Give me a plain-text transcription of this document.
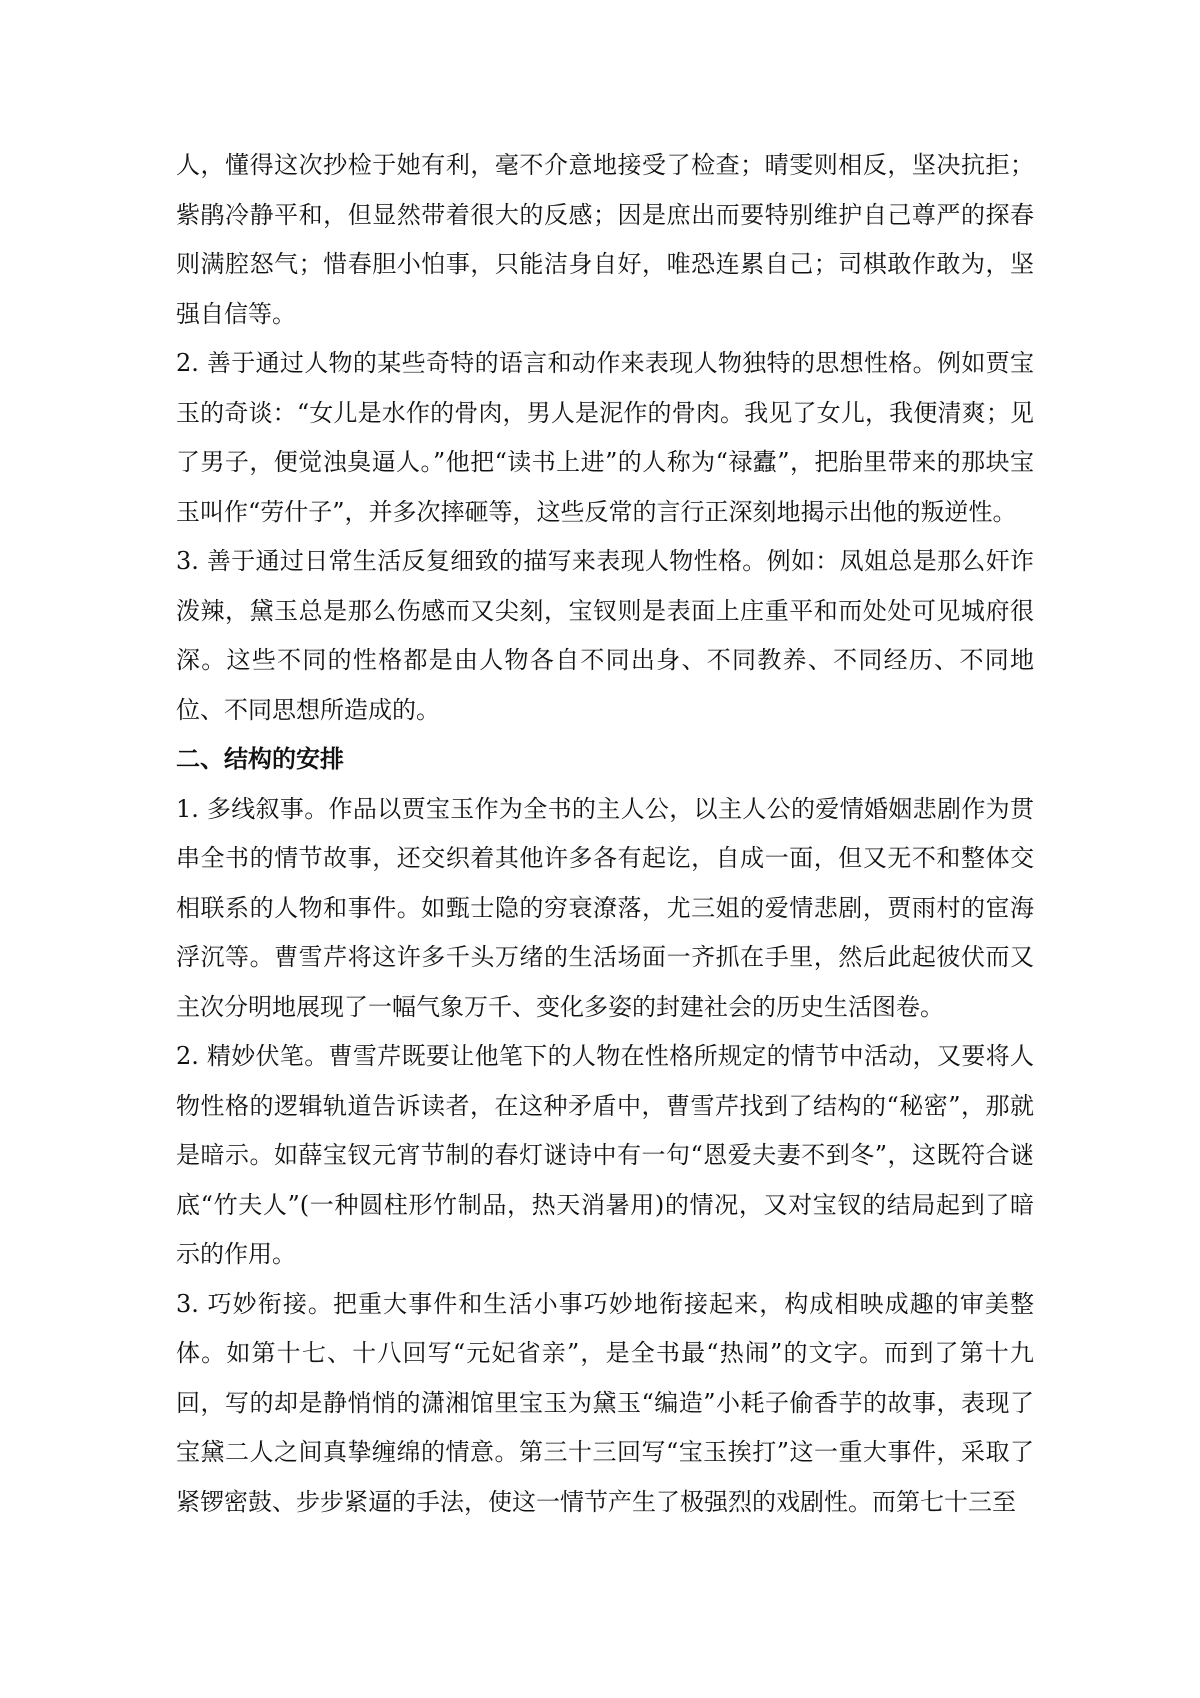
人，懂得这次抄检于她有利，毫不介意地接受了检查；晴雯则相反，坚决抗拒；紫鹃冷静平和，但显然带着很大的反感；因是庶出而要特别维护自己尊严的探春则满腔怒气；惜春胆小怕事，只能洁身自好，唯恐连累自己；司棋敢作敢为，坚强自信等。

2. 善于通过人物的某些奇特的语言和动作来表现人物独特的思想性格。例如贾宝玉的奇谈：“女儿是水作的骨肉，男人是泥作的骨肉。我见了女儿，我便清爽；见了男子，便觉浊臭逼人。”他把“读书上进”的人称为“禄蠹”，把胎里带来的那块宝玉叫作“劳什子”，并多次摔砸等，这些反常的言行正深刻地揭示出他的叛逆性。

3. 善于通过日常生活反复细致的描写来表现人物性格。例如：凤姐总是那么奸诈泼辣，黛玉总是那么伤感而又尖刻，宝钗则是表面上庄重平和而处处可见城府很深。这些不同的性格都是由人物各自不同出身、不同教养、不同经历、不同地位、不同思想所造成的。

二、结构的安排

1. 多线叙事。作品以贾宝玉作为全书的主人公，以主人公的爱情婚姻悲剧作为贯串全书的情节故事，还交织着其他许多各有起讫，自成一面，但又无不和整体交相联系的人物和事件。如甄士隐的穷衰潦落，尤三姐的爱情悲剧，贾雨村的宦海浮沉等。曹雪芹将这许多千头万绪的生活场面一齐抓在手里，然后此起彼伏而又主次分明地展现了一幅气象万千、变化多姿的封建社会的历史生活图卷。

2. 精妙伏笔。曹雪芹既要让他笔下的人物在性格所规定的情节中活动，又要将人物性格的逻辑轨道告诉读者，在这种矛盾中，曹雪芹找到了结构的“秘密”，那就是暗示。如薛宝钗元宵节制的春灯谜诗中有一句“恩爱夫妻不到冬”，这既符合谜底“竹夫人”(一种圆柱形竹制品，热天消暑用)的情况，又对宝钗的结局起到了暗示的作用。

3. 巧妙衔接。把重大事件和生活小事巧妙地衔接起来，构成相映成趣的审美整体。如第十七、十八回写“元妃省亲”，是全书最“热闹”的文字。而到了第十九回，写的却是静悄悄的潇湘馆里宝玉为黛玉“编造”小耗子偷香芋的故事，表现了宝黛二人之间真挚缠绵的情意。第三十三回写“宝玉挨打”这一重大事件，采取了紧锣密鼓、步步紧逼的手法，使这一情节产生了极强烈的戏剧性。而第七十三至
